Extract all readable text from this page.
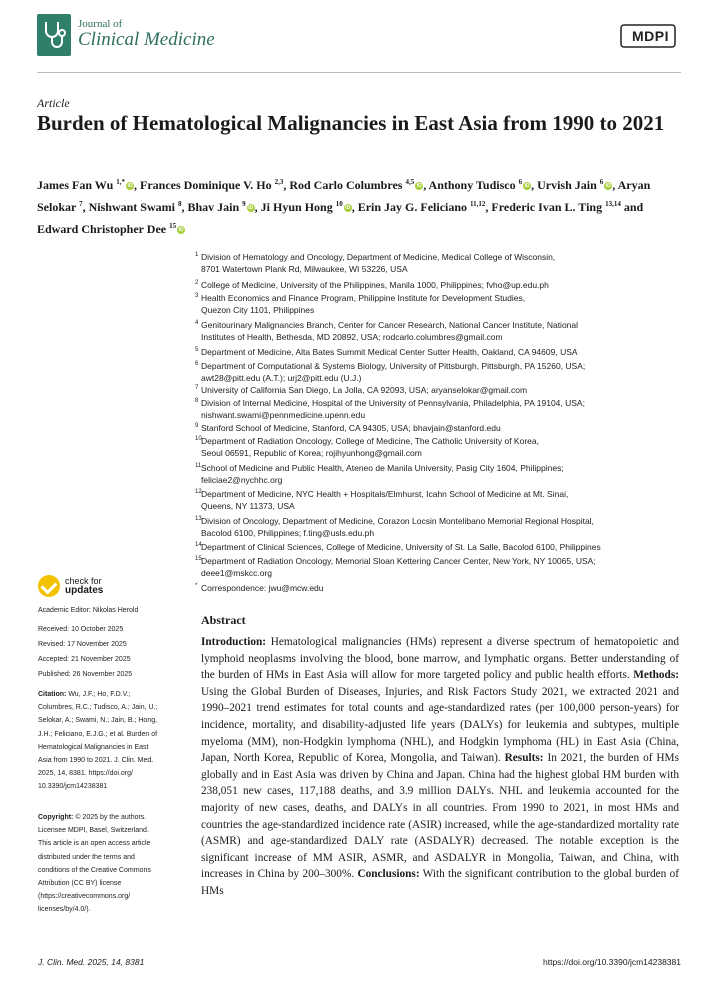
Journal of
Clinical Medicine	MDPI
Article
Burden of Hematological Malignancies in East Asia from 1990 to 2021
James Fan Wu $^{1,*}$iD , Frances Dominique V. Ho $^{2,3}$, Rod Carlo Columbres $^{4,5}$iD , Anthony Tudisco $^6$iD , Urvish Jain $^6$iD , Aryan Selokar $^7$, Nishwant Swami $^8$, Bhav Jain $^9$iD , Ji Hyun Hong $^{10}$iD , Erin Jay G. Feliciano $^{11,12}$, Frederic Ivan L. Ting $^{13,14}$ and Edward Christopher Dee $^{15}$iD
1 Division of Hematology and Oncology, Department of Medicine, Medical College of Wisconsin,
8701 Watertown Plank Rd, Milwaukee, WI 53226, USA
2 College of Medicine, University of the Philippines, Manila 1000, Philippines; fvho@up.edu.ph
3 Health Economics and Finance Program, Philippine Institute for Development Studies,
Quezon City 1101, Philippines
4 Genitourinary Malignancies Branch, Center for Cancer Research, National Cancer Institute, National
Institutes of Health, Bethesda, MD 20892, USA; rodcarlo.columbres@gmail.com
5 Department of Medicine, Alta Bates Summit Medical Center Sutter Health, Oakland, CA 94609, USA
6 Department of Computational & Systems Biology, University of Pittsburgh, Pittsburgh, PA 15260, USA;
awt28@pitt.edu (A.T.); urj2@pitt.edu (U.J.)
7 University of California San Diego, La Jolla, CA 92093, USA; aryanselokar@gmail.com
8 Division of Internal Medicine, Hospital of the University of Pennsylvania, Philadelphia, PA 19104, USA;
nishwant.swami@pennmedicine.upenn.edu
9 Stanford School of Medicine, Stanford, CA 94305, USA; bhavjain@stanford.edu
10 Department of Radiation Oncology, College of Medicine, The Catholic University of Korea,
Seoul 06591, Republic of Korea; rojihyunhong@gmail.com
11 School of Medicine and Public Health, Ateneo de Manila University, Pasig City 1604, Philippines;
feliciae2@nychhc.org
12 Department of Medicine, NYC Health + Hospitals/Elmhurst, Icahn School of Medicine at Mt. Sinai,
Queens, NY 11373, USA
13 Division of Oncology, Department of Medicine, Corazon Locsin Montelibano Memorial Regional Hospital,
Bacolod 6100, Philippines; f.ting@usls.edu.ph
14 Department of Clinical Sciences, College of Medicine, University of St. La Salle, Bacolod 6100, Philippines
15 Department of Radiation Oncology, Memorial Sloan Kettering Cancer Center, New York, NY 10065, USA;
deee1@mskcc.org
* Correspondence: jwu@mcw.edu
check for
updates
Academic Editor: Nikolas Herold
Received: 10 October 2025
Revised: 17 November 2025
Accepted: 21 November 2025
Published: 26 November 2025
Citation: Wu, J.F.; Ho, F.D.V.;
Columbres, R.C.; Tudisco, A.; Jain, U.;
Selokar, A.; Swami, N.; Jain, B.; Hong,
J.H.; Feliciano, E.J.G.; et al. Burden of
Hematological Malignancies in East
Asia from 1990 to 2021. J. Clin. Med.
2025, 14, 8381. https://doi.org/
10.3390/jcm14238381
Copyright: © 2025 by the authors.
Licensee MDPI, Basel, Switzerland.
This article is an open access article
distributed under the terms and
conditions of the Creative Commons
Attribution (CC BY) license
(https://creativecommons.org/
licenses/by/4.0/).
Abstract
Introduction: Hematological malignancies (HMs) represent a diverse spectrum of hematopoietic and lymphoid neoplasms involving the blood, bone marrow, and lymphatic organs. Better understanding of the burden of HMs in East Asia will allow for more targeted policy and public health efforts. Methods: Using the Global Burden of Diseases, Injuries, and Risk Factors Study 2021, we extracted 2021 and 1990–2021 trend estimates for total counts and age-standardized rates (per 100,000 person-years) for incidence, mortality, and disability-adjusted life years (DALYs) for leukemia and subtypes, multiple myeloma (MM), non-Hodgkin lymphoma (NHL), and Hodgkin lymphoma (HL) in East Asia (China, Japan, North Korea, Republic of Korea, Mongolia, and Taiwan). Results: In 2021, the burden of HMs globally and in East Asia was driven by China and Japan. China had the highest global HM burden with 238,051 new cases, 117,188 deaths, and 3.9 million DALYs. NHL and leukemia accounted for the majority of new cases, deaths, and DALYs in all countries. From 1990 to 2021, in most HMs and countries the age-standardized incidence rate (ASIR) increased, while the age-standardized mortality rate (ASMR) and age-standardized DALY rate (ASDALYR) decreased. The notable exception is the significant increase of MM ASIR, ASMR, and ASDALYR in Mongolia, Taiwan, and China, with increases in China by 200–300%. Conclusions: With the significant contribution to the global burden of HMs
J. Clin. Med. 2025, 14, 8381	https://doi.org/10.3390/jcm14238381
